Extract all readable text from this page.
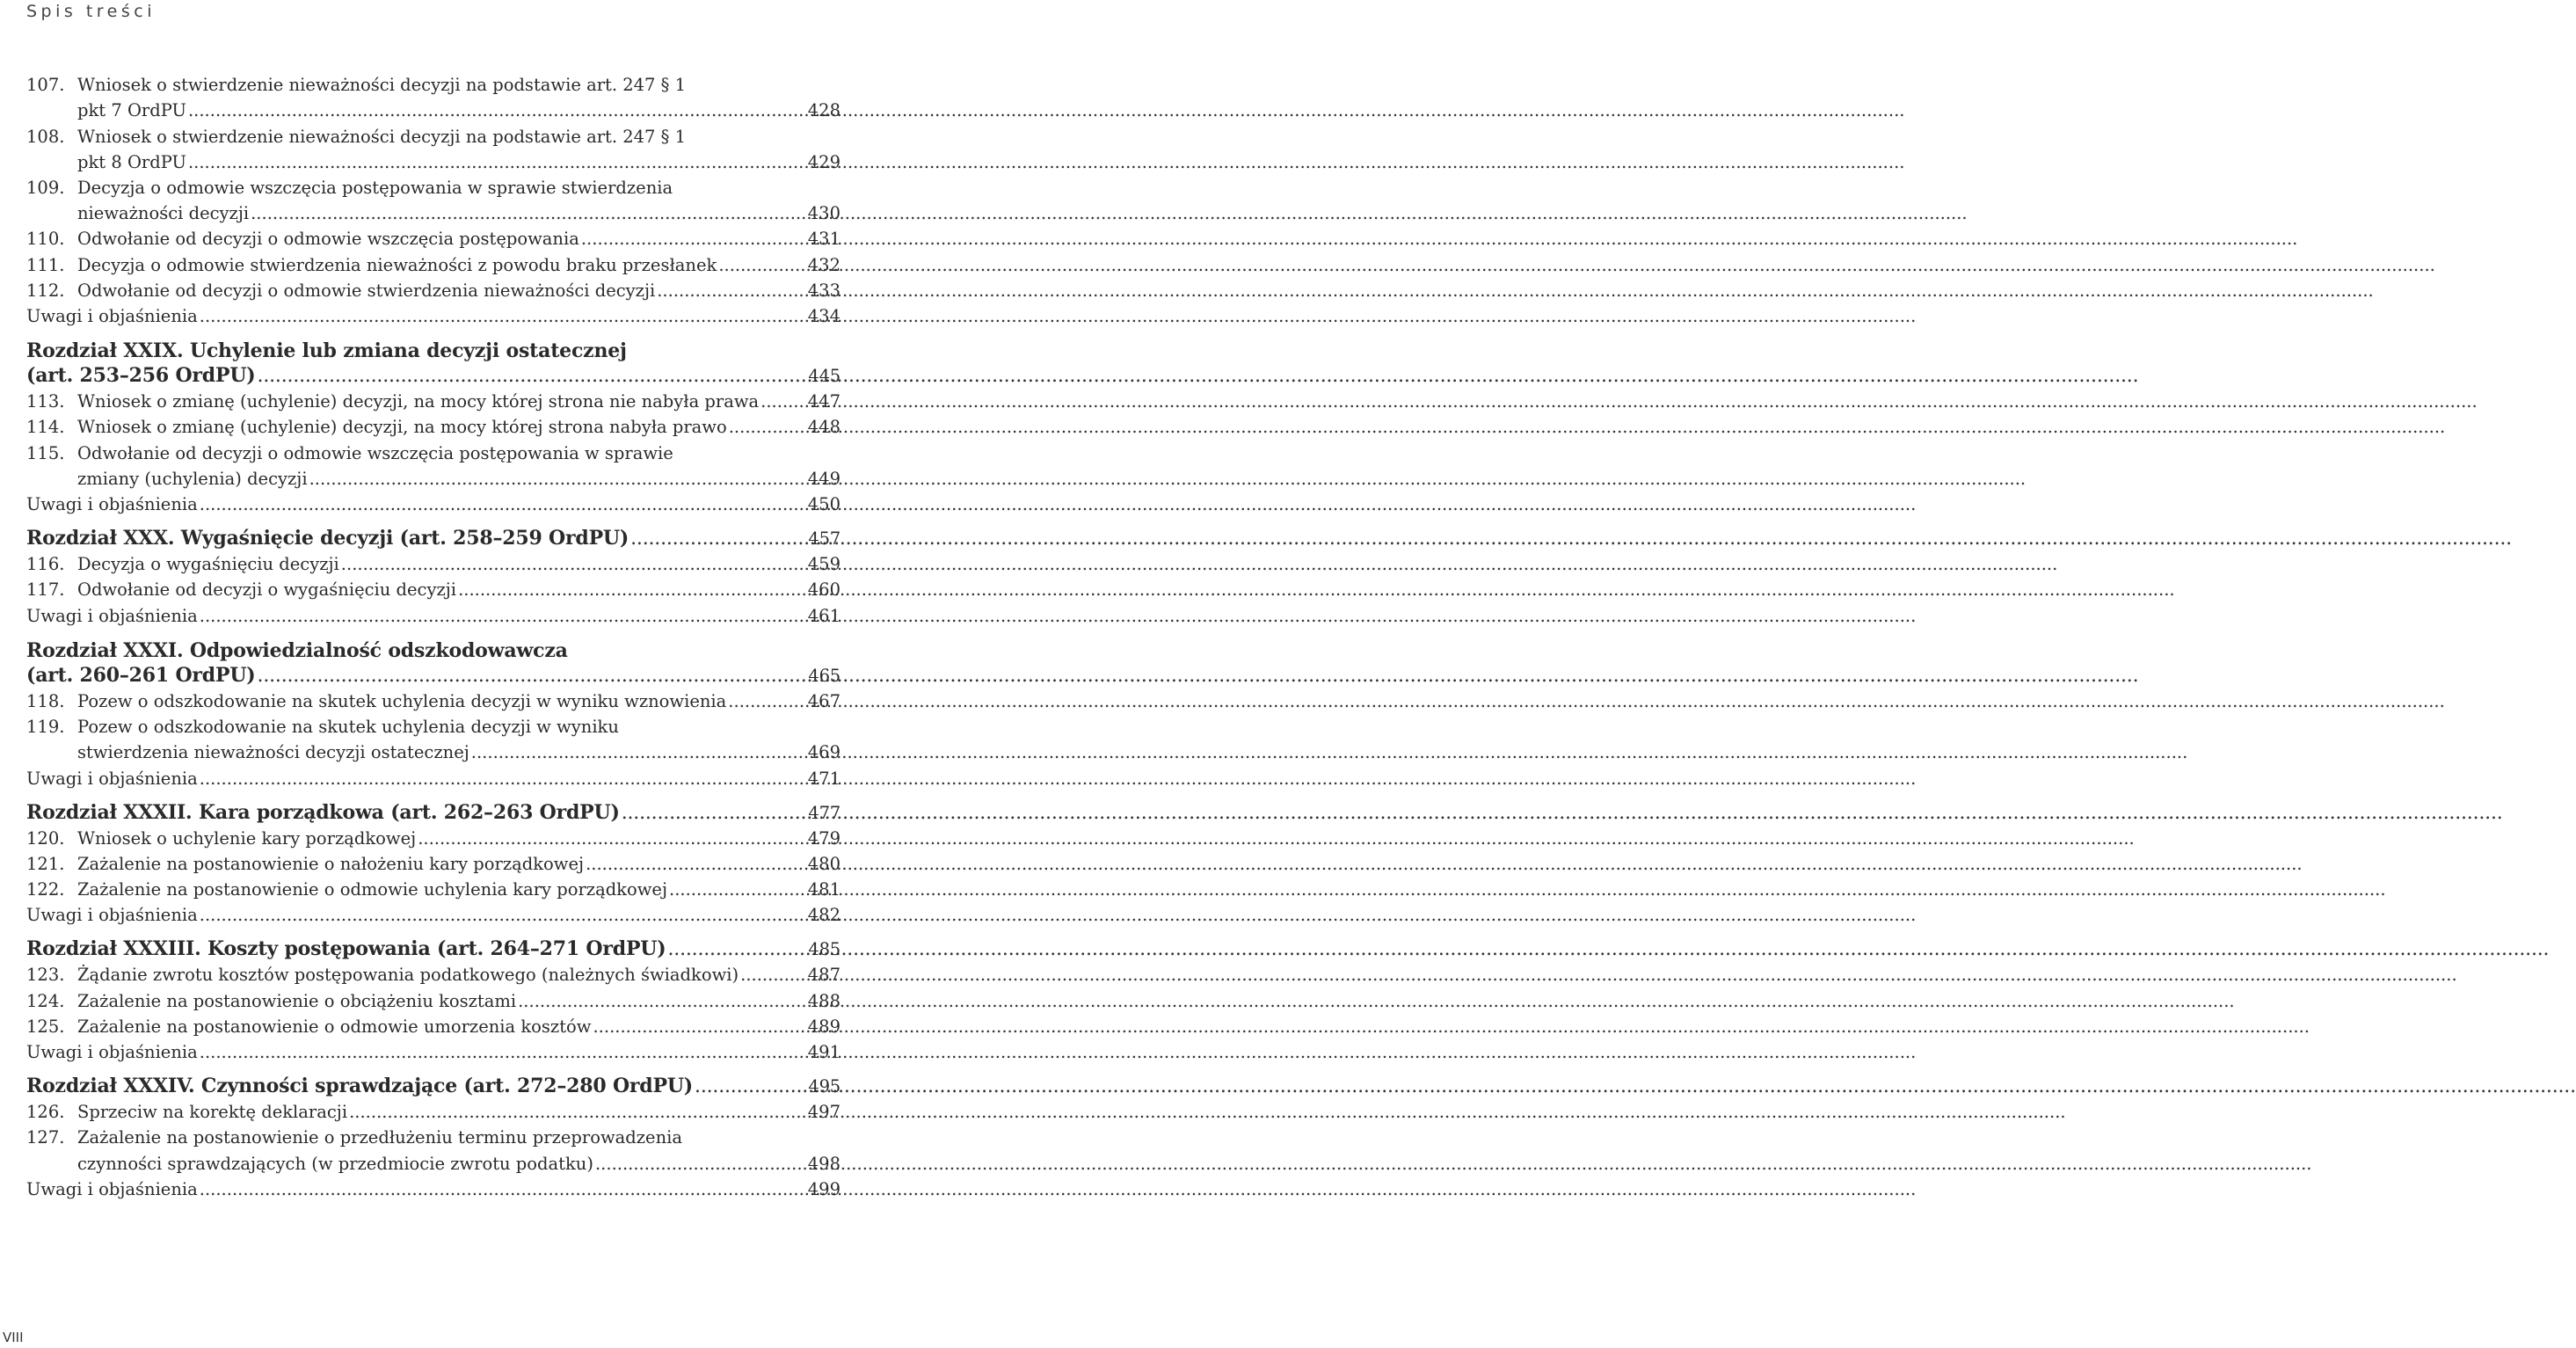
Spis treści
107. Wniosek o stwierdzenie nieważności decyzji na podstawie art. 247 § 1
pkt 7 OrdPU .....	428
108. Wniosek o stwierdzenie nieważności decyzji na podstawie art. 247 § 1
pkt 8 OrdPU .....	429
109. Decyzja o odmowie wszczęcia postępowania w sprawie stwierdzenia
nieważności decyzji .....	430
110. Odwołanie od decyzji o odmowie wszczęcia postępowania .....	431
111. Decyzja o odmowie stwierdzenia nieważności z powodu braku przesłanek .....	432
112. Odwołanie od decyzji o odmowie stwierdzenia nieważności decyzji .....	433
Uwagi i objaśnienia .....	434
Rozdział XXIX. Uchylenie lub zmiana decyzji ostatecznej
(art. 253–256 OrdPU) .....	445
113. Wniosek o zmianę (uchylenie) decyzji, na mocy której strona nie nabyła prawa .....	447
114. Wniosek o zmianę (uchylenie) decyzji, na mocy której strona nabyła prawo .....	448
115. Odwołanie od decyzji o odmowie wszczęcia postępowania w sprawie
zmiany (uchylenia) decyzji .....	449
Uwagi i objaśnienia .....	450
Rozdział XXX. Wygaśnięcie decyzji (art. 258–259 OrdPU) .....	457
116. Decyzja o wygaśnięciu decyzji .....	459
117. Odwołanie od decyzji o wygaśnięciu decyzji .....	460
Uwagi i objaśnienia .....	461
Rozdział XXXI. Odpowiedzialność odszkodowawcza
(art. 260–261 OrdPU) .....	465
118. Pozew o odszkodowanie na skutek uchylenia decyzji w wyniku wznowienia .....	467
119. Pozew o odszkodowanie na skutek uchylenia decyzji w wyniku
stwierdzenia nieważności decyzji ostatecznej .....	469
Uwagi i objaśnienia .....	471
Rozdział XXXII. Kara porządkowa (art. 262–263 OrdPU) .....	477
120. Wniosek o uchylenie kary porządkowej .....	479
121. Zażalenie na postanowienie o nałożeniu kary porządkowej .....	480
122. Zażalenie na postanowienie o odmowie uchylenia kary porządkowej .....	481
Uwagi i objaśnienia .....	482
Rozdział XXXIII. Koszty postępowania (art. 264–271 OrdPU) .....	485
123. Żądanie zwrotu kosztów postępowania podatkowego (należnych świadkowi) .....	487
124. Zażalenie na postanowienie o obciążeniu kosztami .....	488
125. Zażalenie na postanowienie o odmowie umorzenia kosztów .....	489
Uwagi i objaśnienia .....	491
Rozdział XXXIV. Czynności sprawdzające (art. 272–280 OrdPU) .....	495
126. Sprzeciw na korektę deklaracji .....	497
127. Zażalenie na postanowienie o przedłużeniu terminu przeprowadzenia
czynności sprawdzających (w przedmiocie zwrotu podatku) .....	498
Uwagi i objaśnienia .....	499
VIII
